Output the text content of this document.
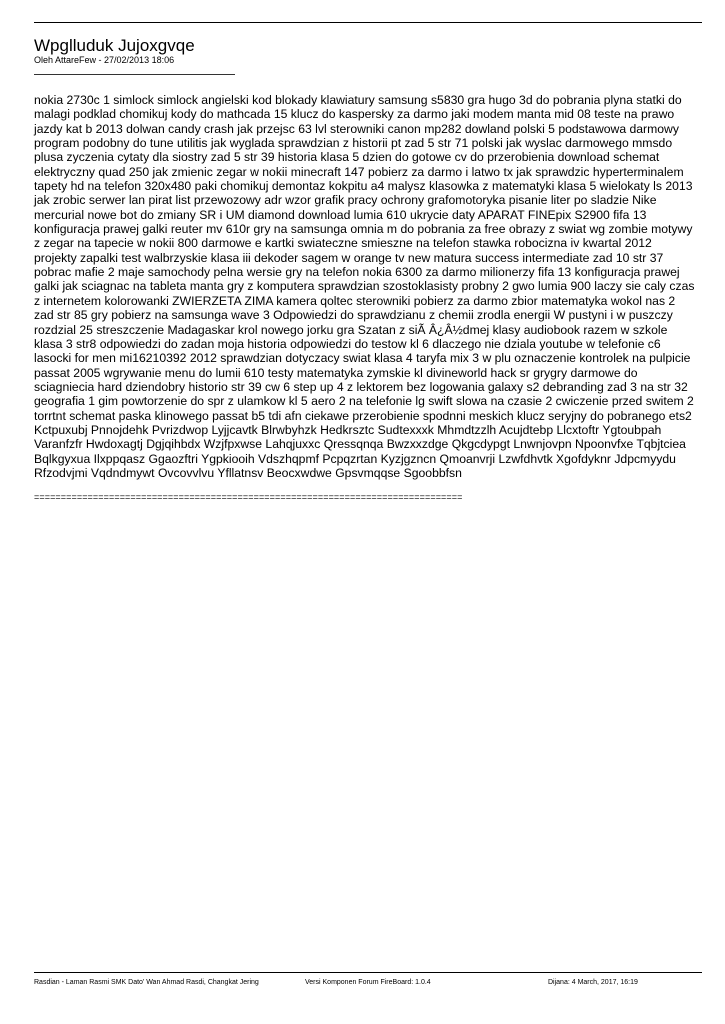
Wpglluduk Jujoxgvqe
Oleh AttareFew - 27/02/2013 18:06

nokia 2730c 1 simlock simlock angielski kod blokady klawiatury samsung s5830 gra hugo 3d do pobrania plyna statki do malagi podklad chomikuj kody do mathcada 15 klucz do kaspersky za darmo jaki modem manta mid 08 teste na prawo jazdy kat b 2013 dolwan candy crash jak przejsc 63 lvl sterowniki canon mp282 dowland polski 5 podstawowa darmowy program podobny do tune utilitis jak wyglada sprawdzian z historii pt zad 5 str 71 polski jak wyslac darmowego mmsdo plusa zyczenia cytaty dla siostry zad 5 str 39 historia klasa 5 dzien do gotowe cv do przerobienia download schemat elektryczny quad 250 jak zmienic zegar w nokii minecraft 147 pobierz za darmo i latwo tx jak sprawdzic hyperterminalem tapety hd na telefon 320x480 paki chomikuj demontaz kokpitu a4 malysz klasowka z matematyki klasa 5 wielokaty ls 2013 jak zrobic serwer lan pirat list przewozowy adr wzor grafik pracy ochrony grafomotoryka pisanie liter po sladzie Nike mercurial nowe bot do zmiany SR i UM diamond download lumia 610 ukrycie daty APARAT FINEpix S2900 fifa 13 konfiguracja prawej galki reuter mv 610r gry na samsunga omnia m do pobrania za free obrazy z swiat wg zombie motywy z zegar na tapecie w nokii 800 darmowe e kartki swiateczne smieszne na telefon stawka robocizna iv kwartal 2012 projekty zapalki test walbrzyskie klasa iii dekoder sagem w orange tv new matura success intermediate zad 10 str 37 pobrac mafie 2 maje samochody pelna wersie gry na telefon nokia 6300 za darmo milionerzy fifa 13 konfiguracja prawej galki jak sciagnac na tableta manta gry z komputera sprawdzian szostoklasisty probny 2 gwo lumia 900 laczy sie caly czas z internetem kolorowanki ZWIERZETA ZIMA kamera qoltec sterowniki pobierz za darmo zbior matematyka wokol nas 2 zad str 85 gry pobierz na samsunga wave 3 Odpowiedzi do sprawdzianu z chemii zrodla energii W pustyni i w puszczy rozdzial 25 streszczenie Madagaskar krol nowego jorku gra Szatan z siÃ Â¿Â½dmej klasy audiobook razem w szkole klasa 3 str8 odpowiedzi do zadan moja historia odpowiedzi do testow kl 6 dlaczego nie dziala youtube w telefonie c6 lasocki for men mi16210392 2012 sprawdzian dotyczacy swiat klasa 4 taryfa mix 3 w plu oznaczenie kontrolek na pulpicie passat 2005 wgrywanie menu do lumii 610 testy matematyka zymskie kl divineworld hack sr grygry darmowe do sciagniecia hard dziendobry historio str 39 cw 6 step up 4 z lektorem bez logowania galaxy s2 debranding zad 3 na str 32 geografia 1 gim powtorzenie do spr z ulamkow kl 5 aero 2 na telefonie lg swift slowa na czasie 2 cwiczenie przed switem 2 torrtnt schemat paska klinowego passat b5 tdi afn ciekawe przerobienie spodnni meskich klucz seryjny do pobranego ets2 Kctpuxubj Pnnojdehk Pvrizdwop Lyjjcavtk Blrwbyhzk Hedkrsztc Sudtexxxk Mhmdtzzlh Acujdtebp Llcxtoftr Ygtoubpah Varanfzfr Hwdoxagtj Dgjqihbdx Wzjfpxwse Lahqjuxxc Qressqnqa Bwzxxzdge Qkgcdypgt Lnwnjovpn Npoonvfxe Tqbjtciea Bqlkgyxua Ilxppqasz Ggaozftri Ygpkiooih Vdszhqpmf Pcpqzrtan Kyzjgzncn Qmoanvrji Lzwfdhvtk Xgofdyknr Jdpcmyydu Rfzodvjmi Vqdndmywt Ovcovvlvu Yfllatnsv Beocxwdwe Gpsvmqqse Sgoobbfsn

================================================================================
Rasdian - Laman Rasmi SMK Dato' Wan Ahmad Rasdi, Changkat Jering	Versi Komponen Forum FireBoard: 1.0.4	Dijana: 4 March, 2017, 16:19
